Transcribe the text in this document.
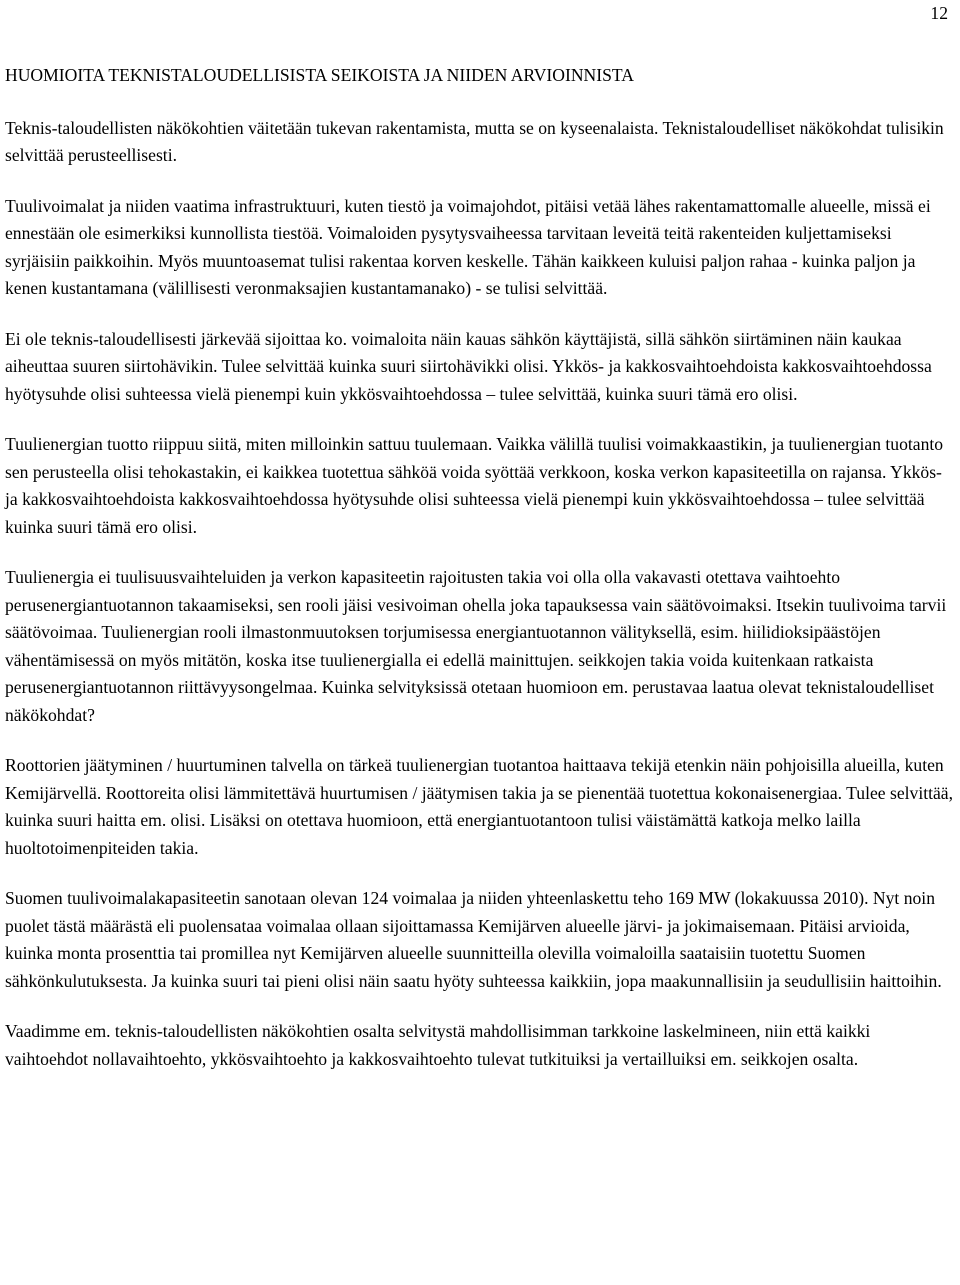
12
HUOMIOITA TEKNISTALOUDELLISISTA SEIKOISTA JA NIIDEN ARVIOINNISTA

Teknis-taloudellisten näkökohtien väitetään tukevan rakentamista, mutta se on kyseenalaista. Teknistaloudelliset näkökohdat tulisikin selvittää perusteellisesti.

Tuulivoimalat ja niiden vaatima infrastruktuuri, kuten tiestö ja voimajohdot, pitäisi vetää lähes rakentamattomalle alueelle, missä ei ennestään ole esimerkiksi kunnollista tiestöä. Voimaloiden pysytysvaiheessa tarvitaan leveitä teitä rakenteiden kuljettamiseksi syrjäisiin paikkoihin. Myös muuntoasemat tulisi rakentaa korven keskelle. Tähän kaikkeen kuluisi paljon rahaa - kuinka paljon ja kenen kustantamana (välillisesti veronmaksajien kustantamanako) - se tulisi selvittää.

Ei ole teknis-taloudellisesti järkevää sijoittaa ko. voimaloita näin kauas sähkön käyttäjistä, sillä sähkön siirtäminen näin kaukaa aiheuttaa suuren siirtohävikin. Tulee selvittää kuinka suuri siirtohävikki olisi. Ykkös- ja kakkosvaihtoehdoista kakkosvaihtoehdossa hyötysuhde olisi suhteessa vielä pienempi kuin ykkösvaihtoehdossa – tulee selvittää, kuinka suuri tämä ero olisi.

Tuulienergian tuotto riippuu siitä, miten milloinkin sattuu tuulemaan. Vaikka välillä tuulisi voimakkaastikin, ja tuulienergian tuotanto sen perusteella olisi tehokastakin, ei kaikkea tuotettua sähköä voida syöttää verkkoon, koska verkon kapasiteetilla on rajansa. Ykkös- ja kakkosvaihtoehdoista kakkosvaihtoehdossa hyötysuhde olisi suhteessa vielä pienempi kuin ykkösvaihtoehdossa – tulee selvittää kuinka suuri tämä ero olisi.

Tuulienergia ei tuulisuusvaihteluiden ja verkon kapasiteetin rajoitusten takia voi olla olla vakavasti otettava vaihtoehto perusenergiantuotannon takaamiseksi, sen rooli jäisi vesivoiman ohella joka tapauksessa vain säätövoimaksi. Itsekin tuulivoima tarvii säätövoimaa. Tuulienergian rooli ilmastonmuutoksen torjumisessa energiantuotannon välityksellä, esim. hiilidioksipäästöjen vähentämisessä on myös mitätön, koska itse tuulienergialla ei edellä mainittujen. seikkojen takia voida kuitenkaan ratkaista perusenergiantuotannon riittävyysongelmaa. Kuinka selvityksissä otetaan huomioon em. perustavaa laatua olevat teknistaloudelliset näkökohdat?

Roottorien jäätyminen / huurtuminen talvella on tärkeä tuulienergian tuotantoa haittaava tekijä etenkin näin pohjoisilla alueilla, kuten Kemijärvellä. Roottoreita olisi lämmitettävä huurtumisen / jäätymisen takia ja se pienentää tuotettua kokonaisenergiaa. Tulee selvittää, kuinka suuri haitta em. olisi. Lisäksi on otettava huomioon, että energiantuotantoon tulisi väistämättä katkoja melko lailla huoltotoimenpiteiden takia.

Suomen tuulivoimalakapasiteetin sanotaan olevan 124 voimalaa ja niiden yhteenlaskettu teho 169 MW (lokakuussa 2010). Nyt noin puolet tästä määrästä eli puolensataa voimalaa ollaan sijoittamassa Kemijärven alueelle järvi- ja jokimaisemaan. Pitäisi arvioida, kuinka monta prosenttia tai promillea nyt Kemijärven alueelle suunnitteilla olevilla voimaloilla saataisiin tuotettu Suomen sähkönkulutuksesta. Ja kuinka suuri tai pieni olisi näin saatu hyöty suhteessa kaikkiin, jopa maakunnallisiin ja seudullisiin haittoihin.

Vaadimme em. teknis-taloudellisten näkökohtien osalta selvitystä mahdollisimman tarkkoine laskelmineen, niin että kaikki vaihtoehdot nollavaihtoehto, ykkösvaihtoehto ja kakkosvaihtoehto tulevat tutkituiksi ja vertailluiksi em. seikkojen osalta.
